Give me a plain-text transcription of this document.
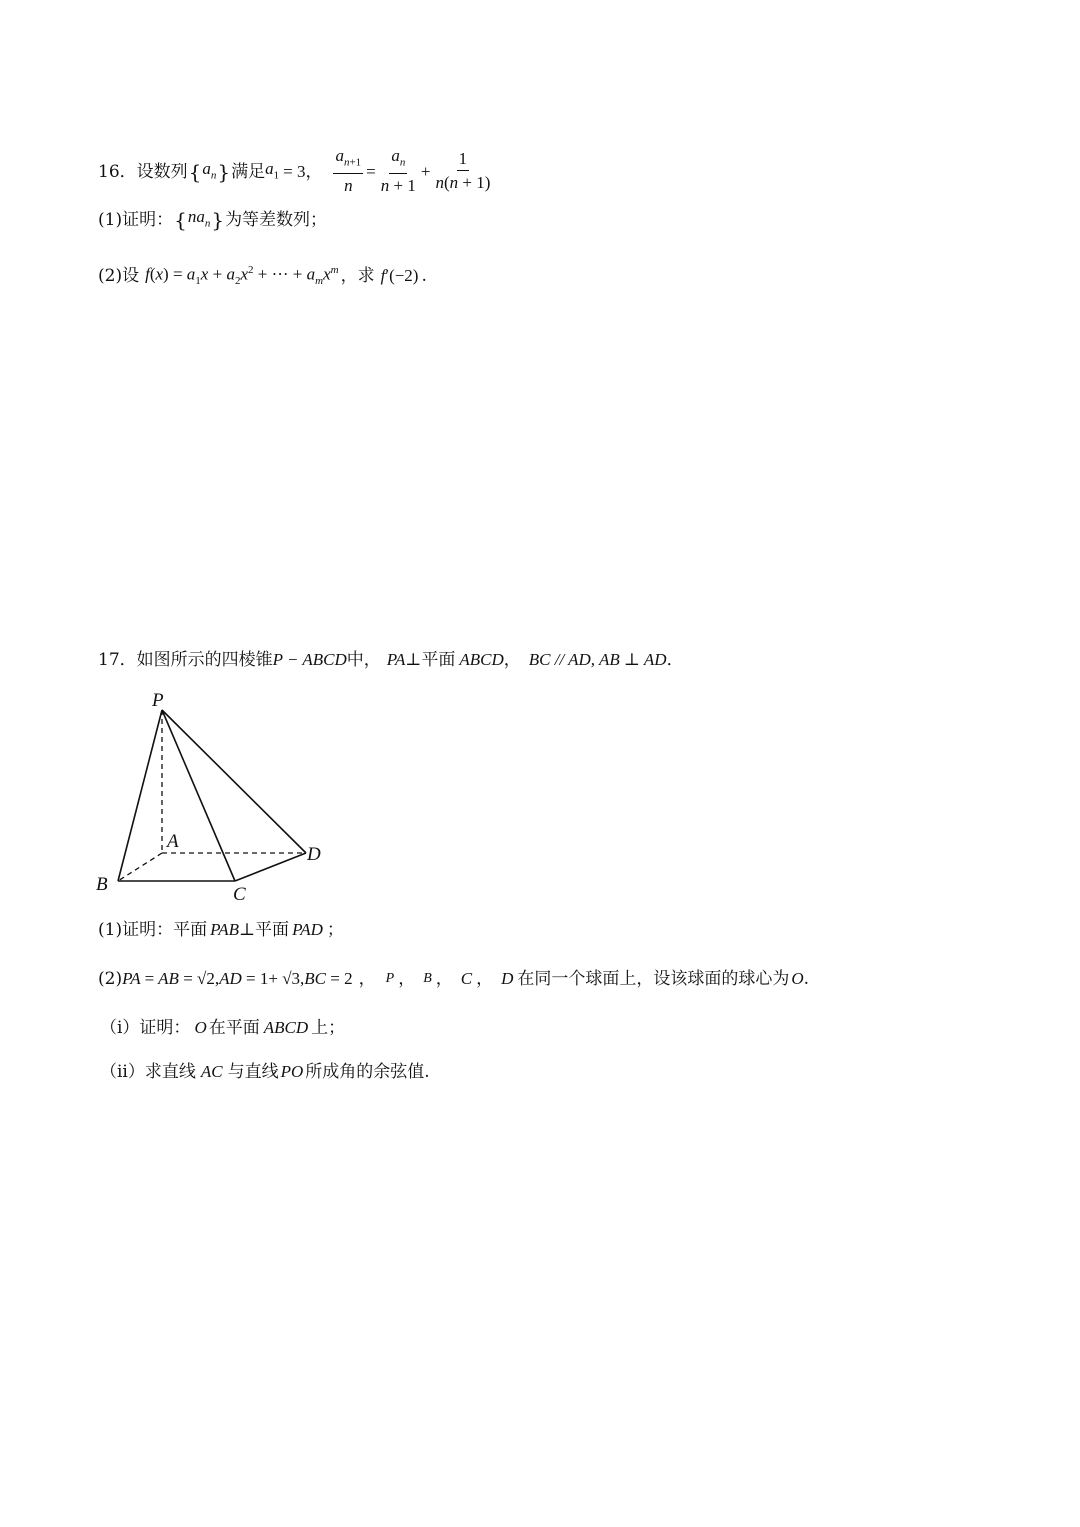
16． 设数列 { $a_n$ } 满足 $a_1 = 3$ ， $\frac{a_{n+1}}{n} = \frac{a_n}{n + 1} + \frac{1}{n(n + 1)}$
(1)证明： { $na_n$ } 为等差数列；
(2)设 $f(x) = a_1x + a_2x^2$ + ··· + $a_mx^m$ ，求 f′(−2) .
17． 如图所示的四棱锥 P − ABCD 中， PA ⊥平面 ABCD ， BC // AD, AB ⊥ AD ．
P
A
B	C
D
(1)证明：平面 PAB ⊥平面 PAD ；
(2) PA = AB = √2,AD = 1+ √3,BC = 2 ， P ， B ， C ， D 在同一个球面上，设该球面的球心为 O .
（i）证明： O 在平面 ABCD 上；
（ii）求直线 AC 与直线 PO 所成角的余弦值.
